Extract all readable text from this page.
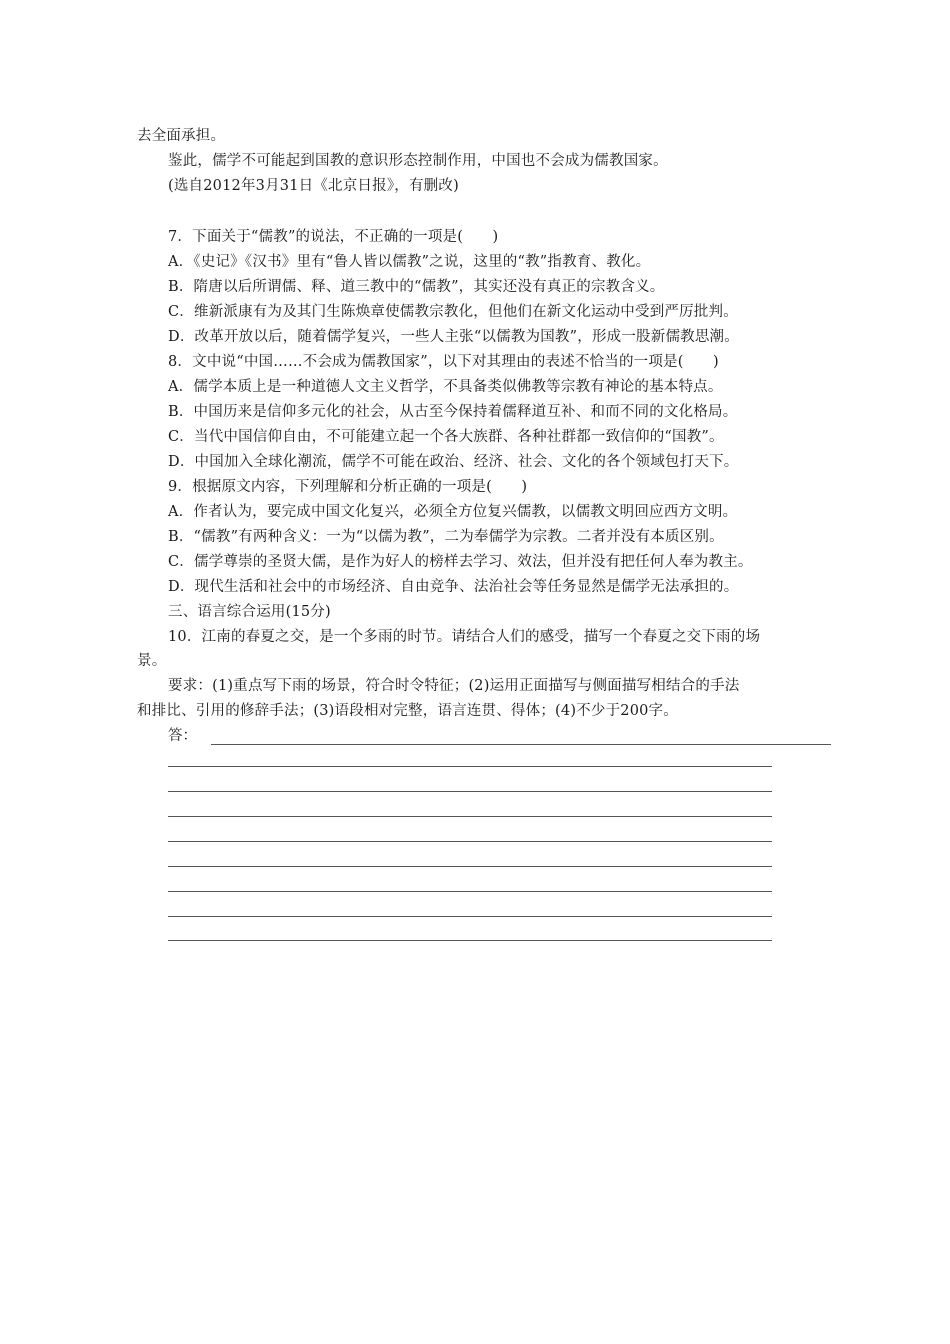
去全面承担。
鉴此，儒学不可能起到国教的意识形态控制作用，中国也不会成为儒教国家。
(选自2012年3月31日《北京日报》，有删改)
7．下面关于“儒教”的说法，不正确的一项是(　　)
A．《史记》《汉书》里有“鲁人皆以儒教”之说，这里的“教”指教育、教化。
B．隋唐以后所谓儒、释、道三教中的“儒教”，其实还没有真正的宗教含义。
C．维新派康有为及其门生陈焕章使儒教宗教化，但他们在新文化运动中受到严厉批判。
D．改革开放以后，随着儒学复兴，一些人主张“以儒教为国教”，形成一股新儒教思潮。
8．文中说“中国……不会成为儒教国家”，以下对其理由的表述不恰当的一项是(　　)
A．儒学本质上是一种道德人文主义哲学，不具备类似佛教等宗教有神论的基本特点。
B．中国历来是信仰多元化的社会，从古至今保持着儒释道互补、和而不同的文化格局。
C．当代中国信仰自由，不可能建立起一个各大族群、各种社群都一致信仰的“国教”。
D．中国加入全球化潮流，儒学不可能在政治、经济、社会、文化的各个领域包打天下。
9．根据原文内容，下列理解和分析正确的一项是(　　)
A．作者认为，要完成中国文化复兴，必须全方位复兴儒教，以儒教文明回应西方文明。
B．“儒教”有两种含义：一为“以儒为教”，二为奉儒学为宗教。二者并没有本质区别。
C．儒学尊崇的圣贤大儒，是作为好人的榜样去学习、效法，但并没有把任何人奉为教主。
D．现代生活和社会中的市场经济、自由竞争、法治社会等任务显然是儒学无法承担的。
三、语言综合运用(15分)
10．江南的春夏之交，是一个多雨的时节。请结合人们的感受，描写一个春夏之交下雨的场
景。
要求：(1)重点写下雨的场景，符合时令特征；(2)运用正面描写与侧面描写相结合的手法
和排比、引用的修辞手法；(3)语段相对完整，语言连贯、得体；(4)不少于200字。
答：
